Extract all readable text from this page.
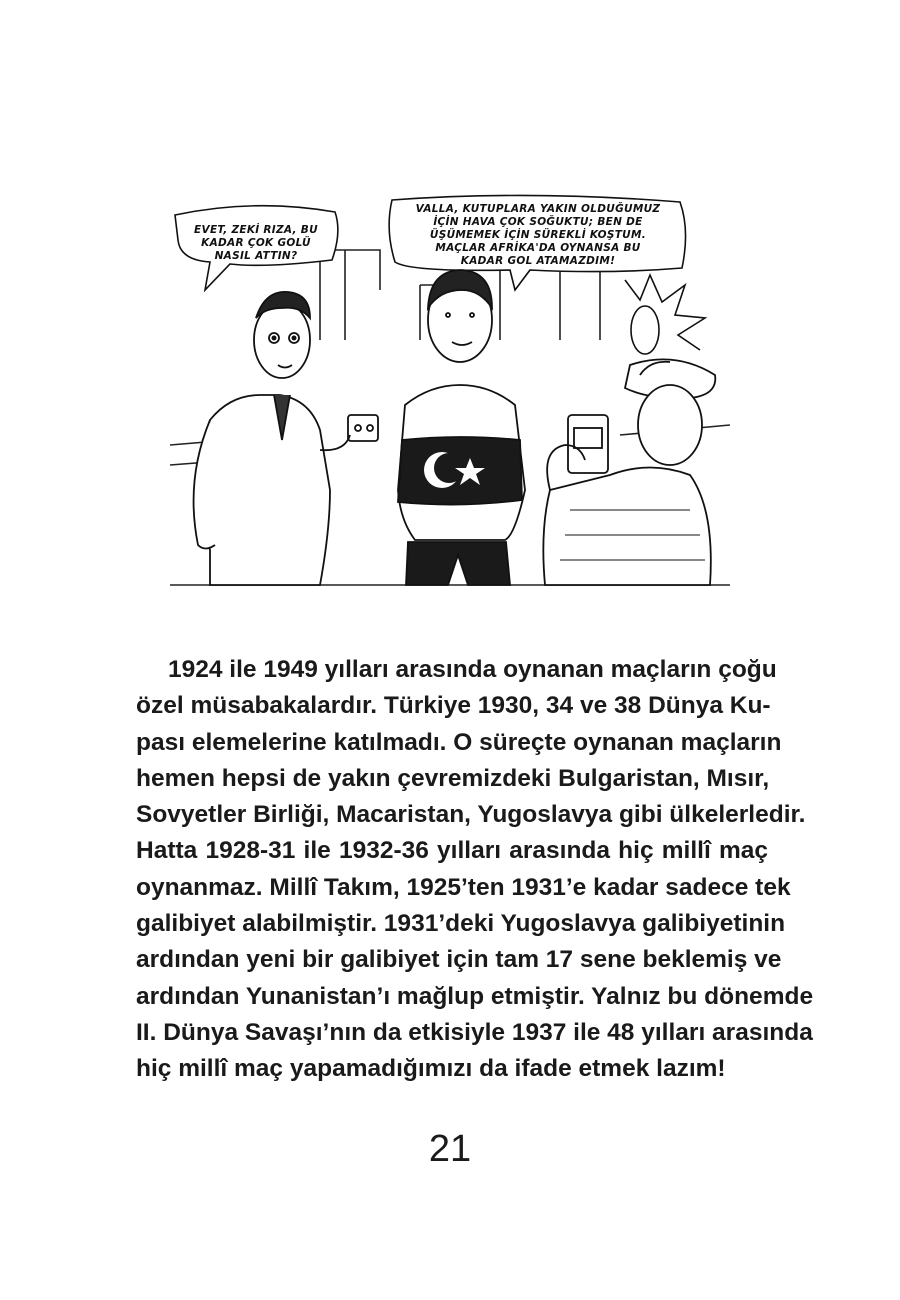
EVET, ZEKİ RIZA, BU
KADAR ÇOK GOLÜ
NASIL ATTIN?
VALLA, KUTUPLARA YAKIN OLDUĞUMUZ
İÇİN HAVA ÇOK SOĞUKTU; BEN DE
ÜŞÜMEMEK İÇİN SÜREKLİ KOŞTUM.
MAÇLAR AFRİKA'DA OYNANSA BU
KADAR GOL ATAMAZDIM!
1924 ile 1949 yılları arasında oynanan maçların çoğu
özel müsabakalardır. Türkiye 1930, 34 ve 38 Dünya Ku-
pası elemelerine katılmadı. O süreçte oynanan maçların
hemen hepsi de yakın çevremizdeki Bulgaristan, Mısır,
Sovyetler Birliği, Macaristan, Yugoslavya gibi ülkelerledir.
Hatta 1928-31 ile 1932-36 yılları arasında hiç millî maç
oynanmaz. Millî Takım, 1925’ten 1931’e kadar sadece tek
galibiyet alabilmiştir. 1931’deki Yugoslavya galibiyetinin
ardından yeni bir galibiyet için tam 17 sene beklemiş ve
ardından Yunanistan’ı mağlup etmiştir. Yalnız bu dönemde
II. Dünya Savaşı’nın da etkisiyle 1937 ile 48 yılları arasında
hiç millî maç yapamadığımızı da ifade etmek lazım!
21
